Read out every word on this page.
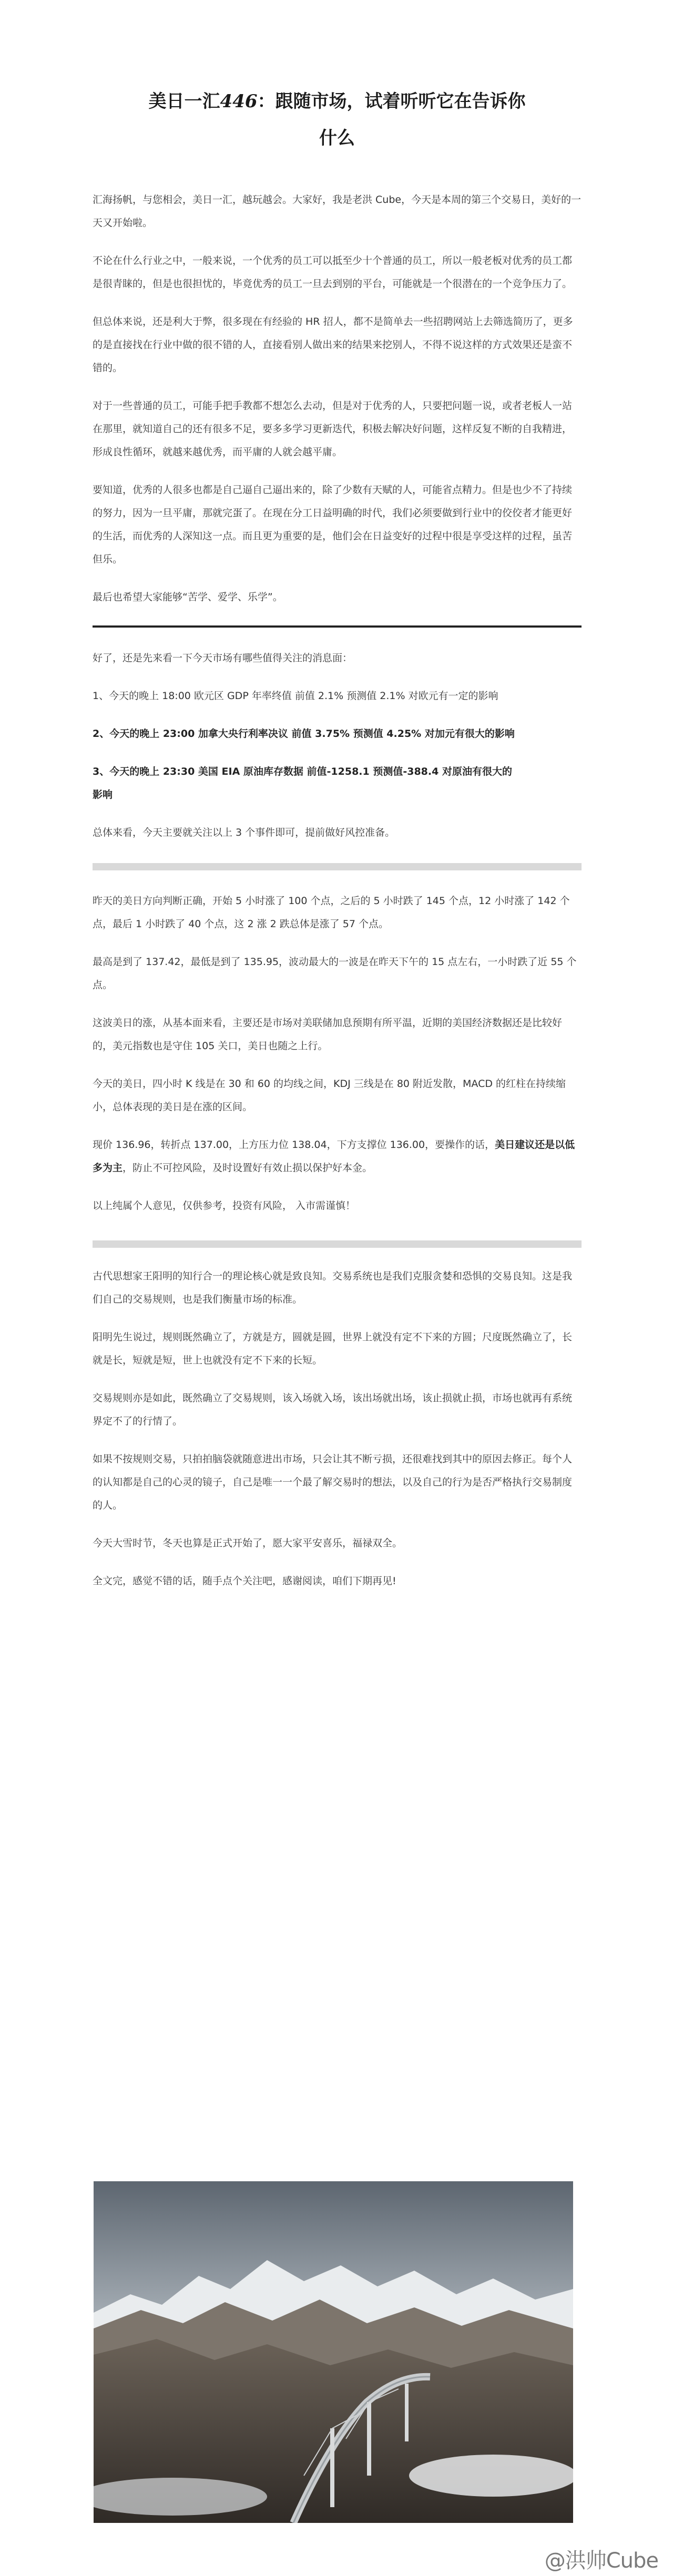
美日一汇446：跟随市场，试着听听它在告诉你
什么

汇海扬帆，与您相会，美日一汇，越玩越会。大家好，我是老洪 Cube，今天是本周的第三个交易日，美好的一天又开始啦。

不论在什么行业之中，一般来说，一个优秀的员工可以抵至少十个普通的员工，所以一般老板对优秀的员工都是很青睐的，但是也很担忧的，毕竟优秀的员工一旦去到别的平台，可能就是一个很潜在的一个竞争压力了。

但总体来说，还是利大于弊，很多现在有经验的 HR 招人，都不是简单去一些招聘网站上去筛选简历了，更多的是直接找在行业中做的很不错的人，直接看别人做出来的结果来挖别人，不得不说这样的方式效果还是蛮不错的。

对于一些普通的员工，可能手把手教都不想怎么去动，但是对于优秀的人，只要把问题一说，或者老板人一站在那里，就知道自己的还有很多不足，要多多学习更新迭代，积极去解决好问题，这样反复不断的自我精进，形成良性循环，就越来越优秀，而平庸的人就会越平庸。

要知道，优秀的人很多也都是自己逼自己逼出来的，除了少数有天赋的人，可能省点精力。但是也少不了持续的努力，因为一旦平庸，那就完蛋了。在现在分工日益明确的时代，我们必须要做到行业中的佼佼者才能更好的生活，而优秀的人深知这一点。而且更为重要的是，他们会在日益变好的过程中很是享受这样的过程，虽苦但乐。

最后也希望大家能够“苦学、爱学、乐学”。

好了，还是先来看一下今天市场有哪些值得关注的消息面：

1、今天的晚上 18:00 欧元区 GDP 年率终值 前值 2.1% 预测值 2.1% 对欧元有一定的影响

2、今天的晚上 23:00 加拿大央行利率决议 前值 3.75% 预测值 4.25% 对加元有很大的影响

3、今天的晚上 23:30 美国 EIA 原油库存数据 前值-1258.1 预测值-388.4 对原油有很大的
影响

总体来看，今天主要就关注以上 3 个事件即可，提前做好风控准备。

昨天的美日方向判断正确，开始 5 小时涨了 100 个点，之后的 5 小时跌了 145 个点，12 小时涨了 142 个点，最后 1 小时跌了 40 个点，这 2 涨 2 跌总体是涨了 57 个点。

最高是到了 137.42，最低是到了 135.95，波动最大的一波是在昨天下午的 15 点左右，一小时跌了近 55 个点。

这波美日的涨，从基本面来看，主要还是市场对美联储加息预期有所平温，近期的美国经济数据还是比较好的，美元指数也是守住 105 关口，美日也随之上行。

今天的美日，四小时 K 线是在 30 和 60 的均线之间，KDJ 三线是在 80 附近发散，MACD 的红柱在持续缩小，总体表现的美日是在涨的区间。

现价 136.96，转折点 137.00，上方压力位 138.04，下方支撑位 136.00，要操作的话，美日建议还是以低多为主，防止不可控风险，及时设置好有效止损以保护好本金。

以上纯属个人意见，仅供参考，投资有风险， 入市需谨慎！

古代思想家王阳明的知行合一的理论核心就是致良知。交易系统也是我们克服贪婪和恐惧的交易良知。这是我们自己的交易规则，也是我们衡量市场的标准。

阳明先生说过，规则既然确立了，方就是方，圆就是圆，世界上就没有定不下来的方圆；尺度既然确立了，长就是长，短就是短，世上也就没有定不下来的长短。

交易规则亦是如此，既然确立了交易规则，该入场就入场，该出场就出场，该止损就止损，市场也就再有系统界定不了的行情了。

如果不按规则交易，只拍拍脑袋就随意进出市场，只会让其不断亏损，还很难找到其中的原因去修正。每个人的认知都是自己的心灵的镜子，自己是唯一一个最了解交易时的想法，以及自己的行为是否严格执行交易制度的人。

今天大雪时节，冬天也算是正式开始了，愿大家平安喜乐，福禄双全。

全文完，感觉不错的话，随手点个关注吧，感谢阅读，咱们下期再见!

@洪帅Cube
